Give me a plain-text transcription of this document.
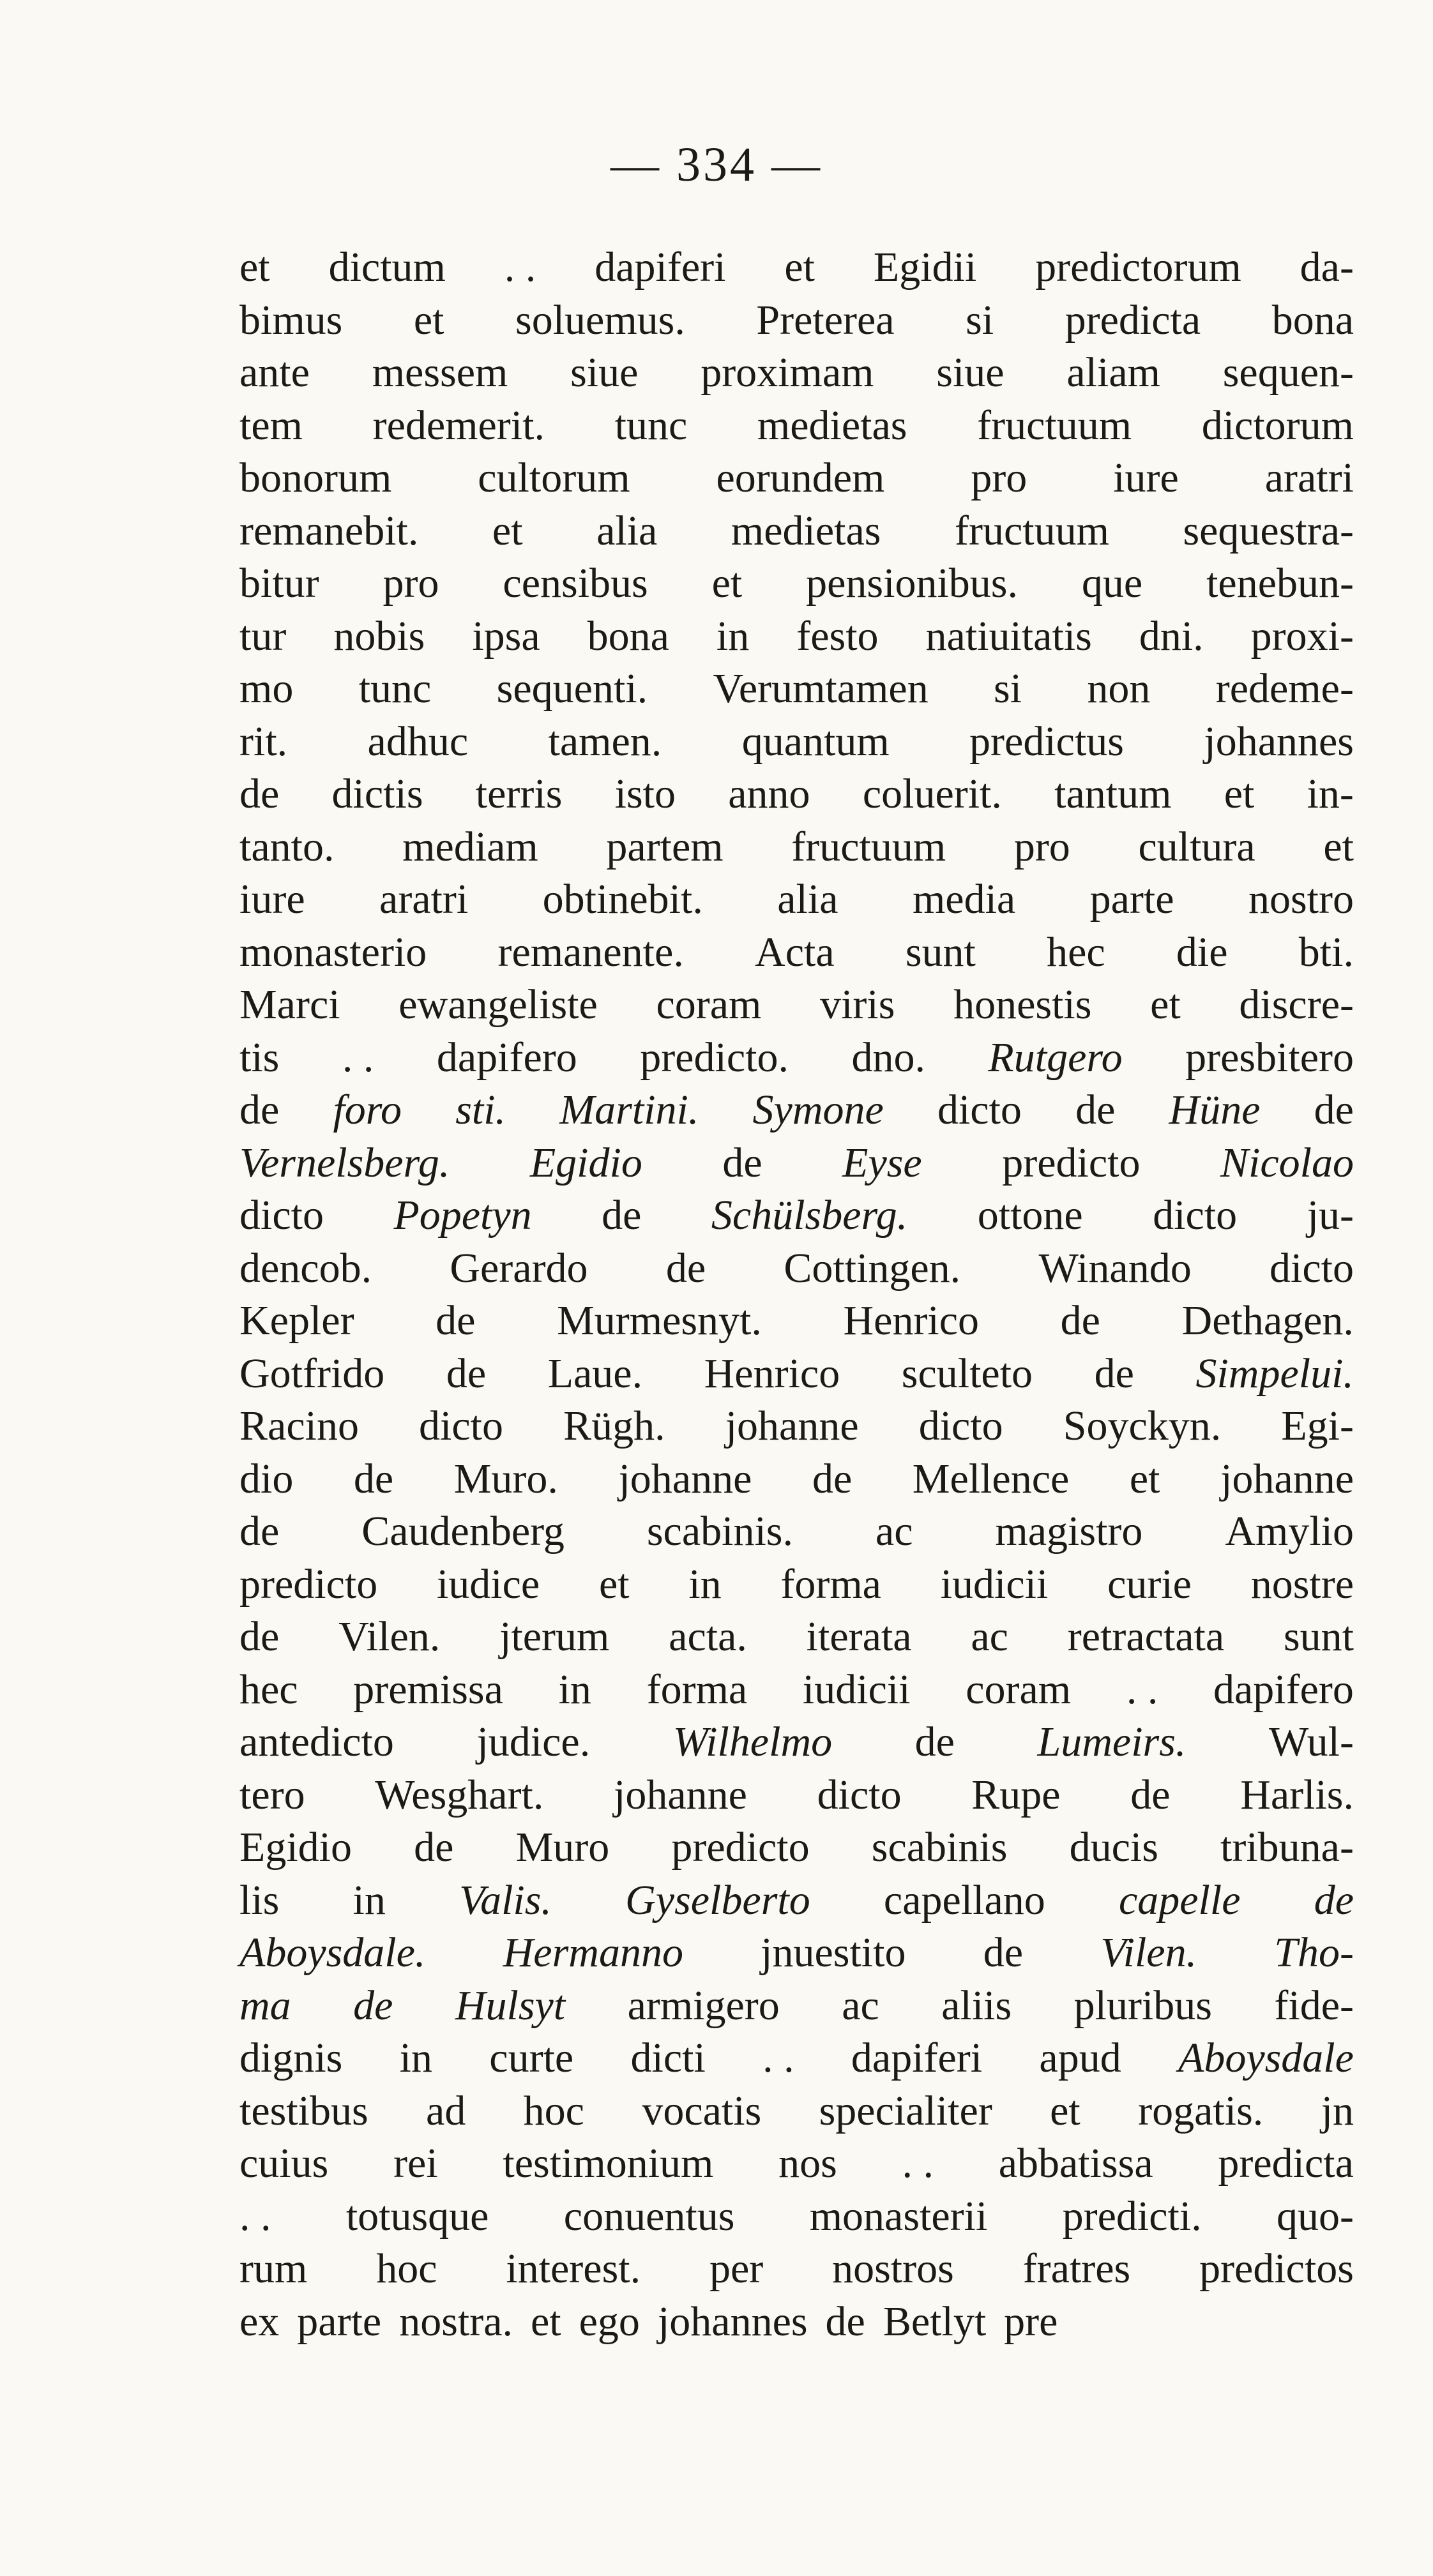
— 334 —
et dictum . . dapiferi et Egidii predictorum da-
bimus et soluemus. Preterea si predicta bona
ante messem siue proximam siue aliam sequen-
tem redemerit. tunc medietas fructuum dictorum
bonorum cultorum eorundem pro iure aratri
remanebit. et alia medietas fructuum sequestra-
bitur pro censibus et pensionibus. que tenebun-
tur nobis ipsa bona in festo natiuitatis dni. proxi-
mo tunc sequenti. Verumtamen si non redeme-
rit. adhuc tamen. quantum predictus johannes
de dictis terris isto anno coluerit. tantum et in-
tanto. mediam partem fructuum pro cultura et
iure aratri obtinebit. alia media parte nostro
monasterio remanente. Acta sunt hec die bti.
Marci ewangeliste coram viris honestis et discre-
tis . . dapifero predicto. dno. Rutgero presbitero
de foro sti. Martini. Symone dicto de Hüne de
Vernelsberg. Egidio de Eyse predicto Nicolao
dicto Popetyn de Schülsberg. ottone dicto ju-
dencob. Gerardo de Cottingen. Winando dicto
Kepler de Murmesnyt. Henrico de Dethagen.
Gotfrido de Laue. Henrico sculteto de Simpelui.
Racino dicto Rügh. johanne dicto Soyckyn. Egi-
dio de Muro. johanne de Mellence et johanne
de Caudenberg scabinis. ac magistro Amylio
predicto iudice et in forma iudicii curie nostre
de Vilen. jterum acta. iterata ac retractata sunt
hec premissa in forma iudicii coram . . dapifero
antedicto judice. Wilhelmo de Lumeirs. Wul-
tero Wesghart. johanne dicto Rupe de Harlis.
Egidio de Muro predicto scabinis ducis tribuna-
lis in Valis. Gyselberto capellano capelle de
Aboysdale. Hermanno jnuestito de Vilen. Tho-
ma de Hulsyt armigero ac aliis pluribus fide-
dignis in curte dicti . . dapiferi apud Aboysdale
testibus ad hoc vocatis specialiter et rogatis. jn
cuius rei testimonium nos . . abbatissa predicta
. . totusque conuentus monasterii predicti. quo-
rum hoc interest. per nostros fratres predictos
ex parte nostra. et ego johannes de Betlyt pre
